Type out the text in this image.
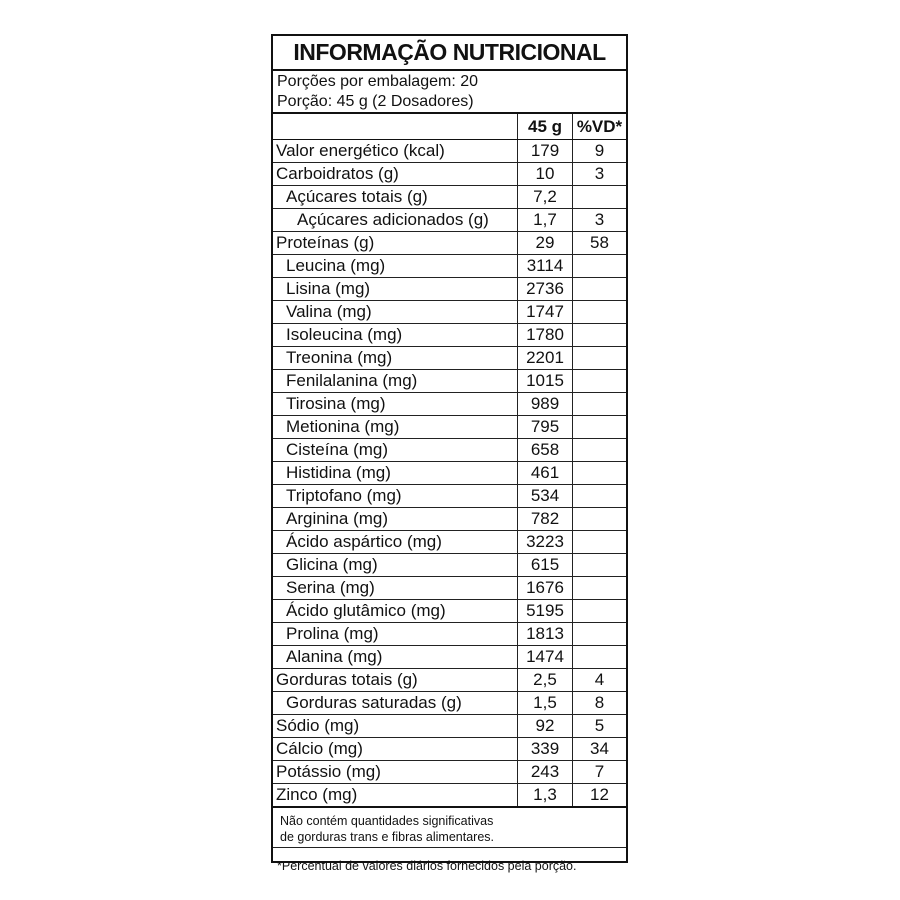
INFORMAÇÃO NUTRICIONAL
Porções por embalagem: 20
Porção: 45 g (2 Dosadores)
	45 g	%VD*
Valor energético (kcal)	179	9
Carboidratos (g)	10	3
Açúcares totais (g)	7,2	
Açúcares adicionados (g)	1,7	3
Proteínas (g)	29	58
Leucina (mg)	3114	
Lisina (mg)	2736	
Valina (mg)	1747	
Isoleucina (mg)	1780	
Treonina (mg)	2201	
Fenilalanina (mg)	1015	
Tirosina (mg)	989	
Metionina (mg)	795	
Cisteína (mg)	658	
Histidina (mg)	461	
Triptofano (mg)	534	
Arginina (mg)	782	
Ácido aspártico (mg)	3223	
Glicina (mg)	615	
Serina (mg)	1676	
Ácido glutâmico (mg)	5195	
Prolina (mg)	1813	
Alanina (mg)	1474	
Gorduras totais (g)	2,5	4
Gorduras saturadas (g)	1,5	8
Sódio (mg)	92	5
Cálcio (mg)	339	34
Potássio (mg)	243	7
Zinco (mg)	1,3	12
Não contém quantidades significativas
de gorduras trans e fibras alimentares.
*Percentual de valores diários fornecidos pela porção.
